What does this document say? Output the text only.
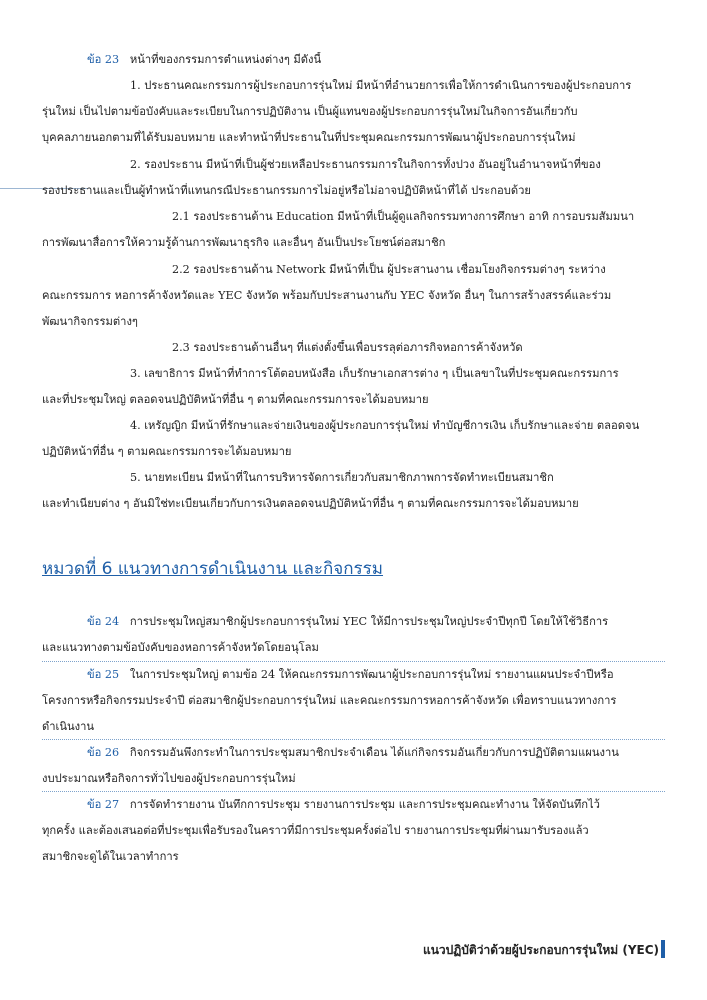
ข้อ 23 หน้าที่ของกรรมการตำแหน่งต่างๆ มีดังนี้
1. ประธานคณะกรรมการผู้ประกอบการรุ่นใหม่ มีหน้าที่อำนวยการเพื่อให้การดำเนินการของผู้ประกอบการ
รุ่นใหม่ เป็นไปตามข้อบังคับและระเบียบในการปฏิบัติงาน เป็นผู้แทนของผู้ประกอบการรุ่นใหม่ในกิจการอันเกี่ยวกับ
บุคคลภายนอกตามที่ได้รับมอบหมาย และทำหน้าที่ประธานในที่ประชุมคณะกรรมการพัฒนาผู้ประกอบการรุ่นใหม่
2. รองประธาน มีหน้าที่เป็นผู้ช่วยเหลือประธานกรรมการในกิจการทั้งปวง อันอยู่ในอำนาจหน้าที่ของ
รองประธานและเป็นผู้ทำหน้าที่แทนกรณีประธานกรรมการไม่อยู่หรือไม่อาจปฏิบัติหน้าที่ได้ ประกอบด้วย
2.1 รองประธานด้าน Education มีหน้าที่เป็นผู้ดูแลกิจกรรมทางการศึกษา อาทิ การอบรมสัมมนา
การพัฒนาสื่อการให้ความรู้ด้านการพัฒนาธุรกิจ และอื่นๆ อันเป็นประโยชน์ต่อสมาชิก
2.2 รองประธานด้าน Network มีหน้าที่เป็น ผู้ประสานงาน เชื่อมโยงกิจกรรมต่างๆ ระหว่าง
คณะกรรมการ หอการค้าจังหวัดและ YEC จังหวัด พร้อมกับประสานงานกับ YEC จังหวัด อื่นๆ ในการสร้างสรรค์และร่วม
พัฒนากิจกรรมต่างๆ
2.3 รองประธานด้านอื่นๆ ที่แต่งตั้งขึ้นเพื่อบรรลุต่อภารกิจหอการค้าจังหวัด
3. เลขาธิการ มีหน้าที่ทำการโต้ตอบหนังสือ เก็บรักษาเอกสารต่าง ๆ เป็นเลขาในที่ประชุมคณะกรรมการ
และที่ประชุมใหญ่ ตลอดจนปฏิบัติหน้าที่อื่น ๆ ตามที่คณะกรรมการจะได้มอบหมาย
4. เหรัญญิก มีหน้าที่รักษาและจ่ายเงินของผู้ประกอบการรุ่นใหม่ ทำบัญชีการเงิน เก็บรักษาและจ่าย ตลอดจน
ปฏิบัติหน้าที่อื่น ๆ ตามคณะกรรมการจะได้มอบหมาย
5. นายทะเบียน มีหน้าที่ในการบริหารจัดการเกี่ยวกับสมาชิกภาพการจัดทำทะเบียนสมาชิก
และทำเนียบต่าง ๆ อันมิใช่ทะเบียนเกี่ยวกับการเงินตลอดจนปฏิบัติหน้าที่อื่น ๆ ตามที่คณะกรรมการจะได้มอบหมาย
หมวดที่ 6 แนวทางการดำเนินงาน และกิจกรรม
ข้อ 24 การประชุมใหญ่สมาชิกผู้ประกอบการรุ่นใหม่ YEC ให้มีการประชุมใหญ่ประจำปีทุกปี โดยให้ใช้วิธีการ
และแนวทางตามข้อบังคับของหอการค้าจังหวัดโดยอนุโลม
ข้อ 25 ในการประชุมใหญ่ ตามข้อ 24 ให้คณะกรรมการพัฒนาผู้ประกอบการรุ่นใหม่ รายงานแผนประจำปีหรือ
โครงการหรือกิจกรรมประจำปี ต่อสมาชิกผู้ประกอบการรุ่นใหม่ และคณะกรรมการหอการค้าจังหวัด เพื่อทราบแนวทางการ
ดำเนินงาน
ข้อ 26 กิจกรรมอันพึงกระทำในการประชุมสมาชิกประจำเดือน ได้แก่กิจกรรมอันเกี่ยวกับการปฏิบัติตามแผนงาน
งบประมาณหรือกิจการทั่วไปของผู้ประกอบการรุ่นใหม่
ข้อ 27 การจัดทำรายงาน บันทึกการประชุม รายงานการประชุม และการประชุมคณะทำงาน ให้จัดบันทึกไว้
ทุกครั้ง และต้องเสนอต่อที่ประชุมเพื่อรับรองในคราวที่มีการประชุมครั้งต่อไป รายงานการประชุมที่ผ่านมารับรองแล้ว
สมาชิกจะดูได้ในเวลาทำการ
แนวปฏิบัติว่าด้วยผู้ประกอบการรุ่นใหม่ (YEC)
